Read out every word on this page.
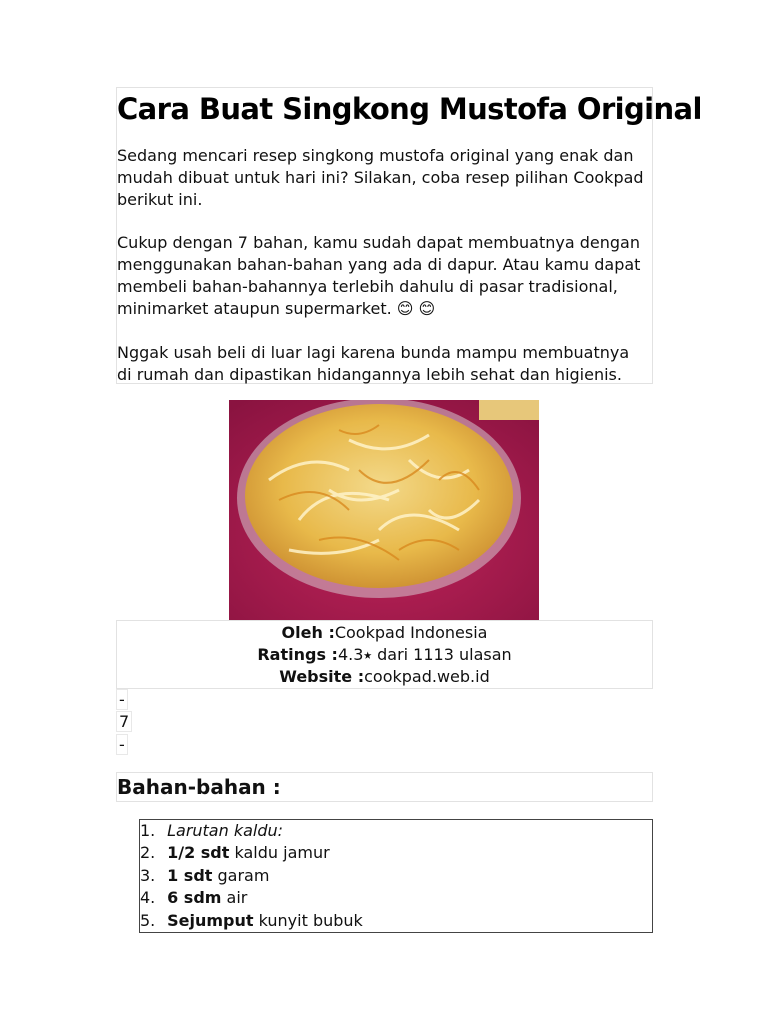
Cara Buat Singkong Mustofa Original

Sedang mencari resep singkong mustofa original yang enak dan mudah dibuat untuk hari ini? Silakan, coba resep pilihan Cookpad berikut ini.

Cukup dengan 7 bahan, kamu sudah dapat membuatnya dengan menggunakan bahan-bahan yang ada di dapur. Atau kamu dapat membeli bahan-bahannya terlebih dahulu di pasar tradisional, minimarket ataupun supermarket. 😊 😊

Nggak usah beli di luar lagi karena bunda mampu membuatnya di rumah dan dipastikan hidangannya lebih sehat dan higienis.

Oleh :Cookpad Indonesia
Ratings :4.3⭑ dari 1113 ulasan
Website :cookpad.web.id
-
7
-
Bahan-bahan :
1. Larutan kaldu:
2. 1/2 sdt kaldu jamur
3. 1 sdt garam
4. 6 sdm air
5. Sejumput kunyit bubuk
